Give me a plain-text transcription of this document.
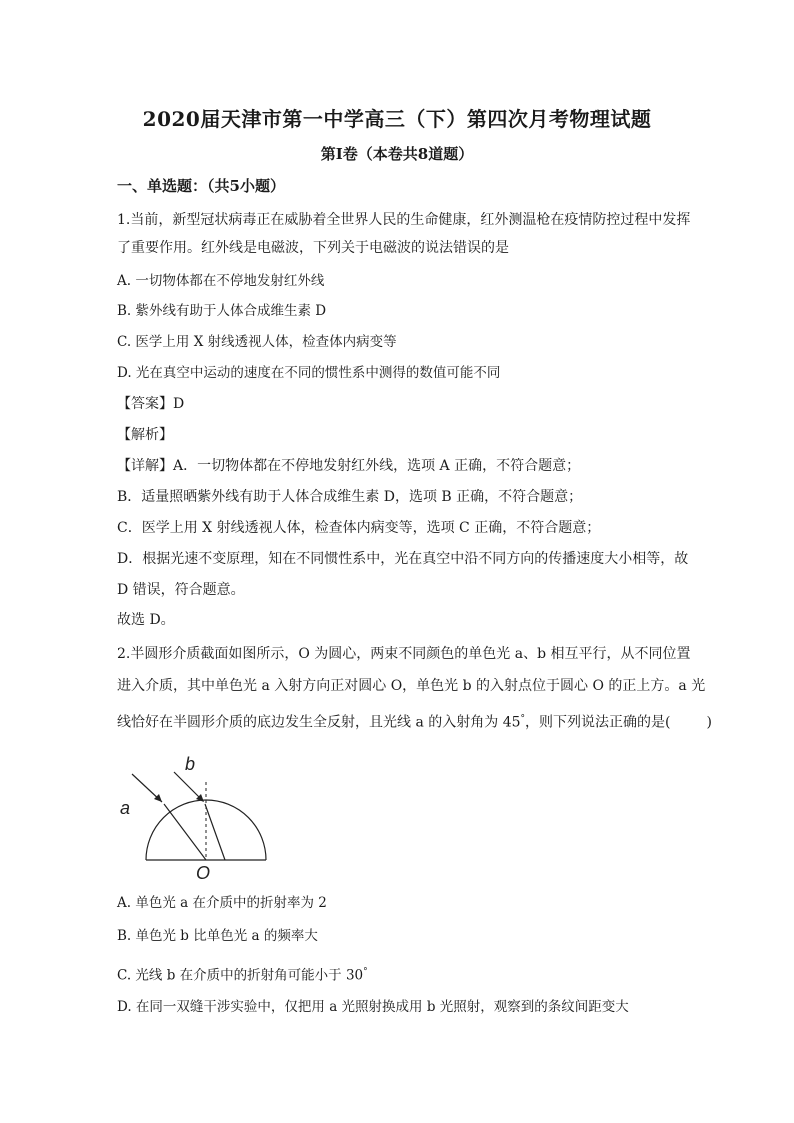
2020届天津市第一中学高三（下）第四次月考物理试题
第Ⅰ卷（本卷共8道题）
一、单选题：（共5小题）
1.当前，新型冠状病毒正在威胁着全世界人民的生命健康，红外测温枪在疫情防控过程中发挥
了重要作用。红外线是电磁波，下列关于电磁波的说法错误的是
A. 一切物体都在不停地发射红外线
B. 紫外线有助于人体合成维生素 D
C. 医学上用 X 射线透视人体，检查体内病变等
D. 光在真空中运动的速度在不同的惯性系中测得的数值可能不同
【答案】D
【解析】
【详解】A．一切物体都在不停地发射红外线，选项 A 正确，不符合题意；
B．适量照晒紫外线有助于人体合成维生素 D，选项 B 正确，不符合题意；
C．医学上用 X 射线透视人体，检查体内病变等，选项 C 正确，不符合题意；
D．根据光速不变原理，知在不同惯性系中，光在真空中沿不同方向的传播速度大小相等，故
D 错误，符合题意。
故选 D。
2.半圆形介质截面如图所示，O 为圆心，两束不同颜色的单色光 a、b 相互平行，从不同位置
进入介质，其中单色光 a 入射方向正对圆心 O，单色光 b 的入射点位于圆心 O 的正上方。a 光
线恰好在半圆形介质的底边发生全反射，且光线 a 的入射角为 45°，则下列说法正确的是(	)
a
b
O
A. 单色光 a 在介质中的折射率为 2
B. 单色光 b 比单色光 a 的频率大
C. 光线 b 在介质中的折射角可能小于 30°
D. 在同一双缝干涉实验中，仅把用 a 光照射换成用 b 光照射，观察到的条纹间距变大
